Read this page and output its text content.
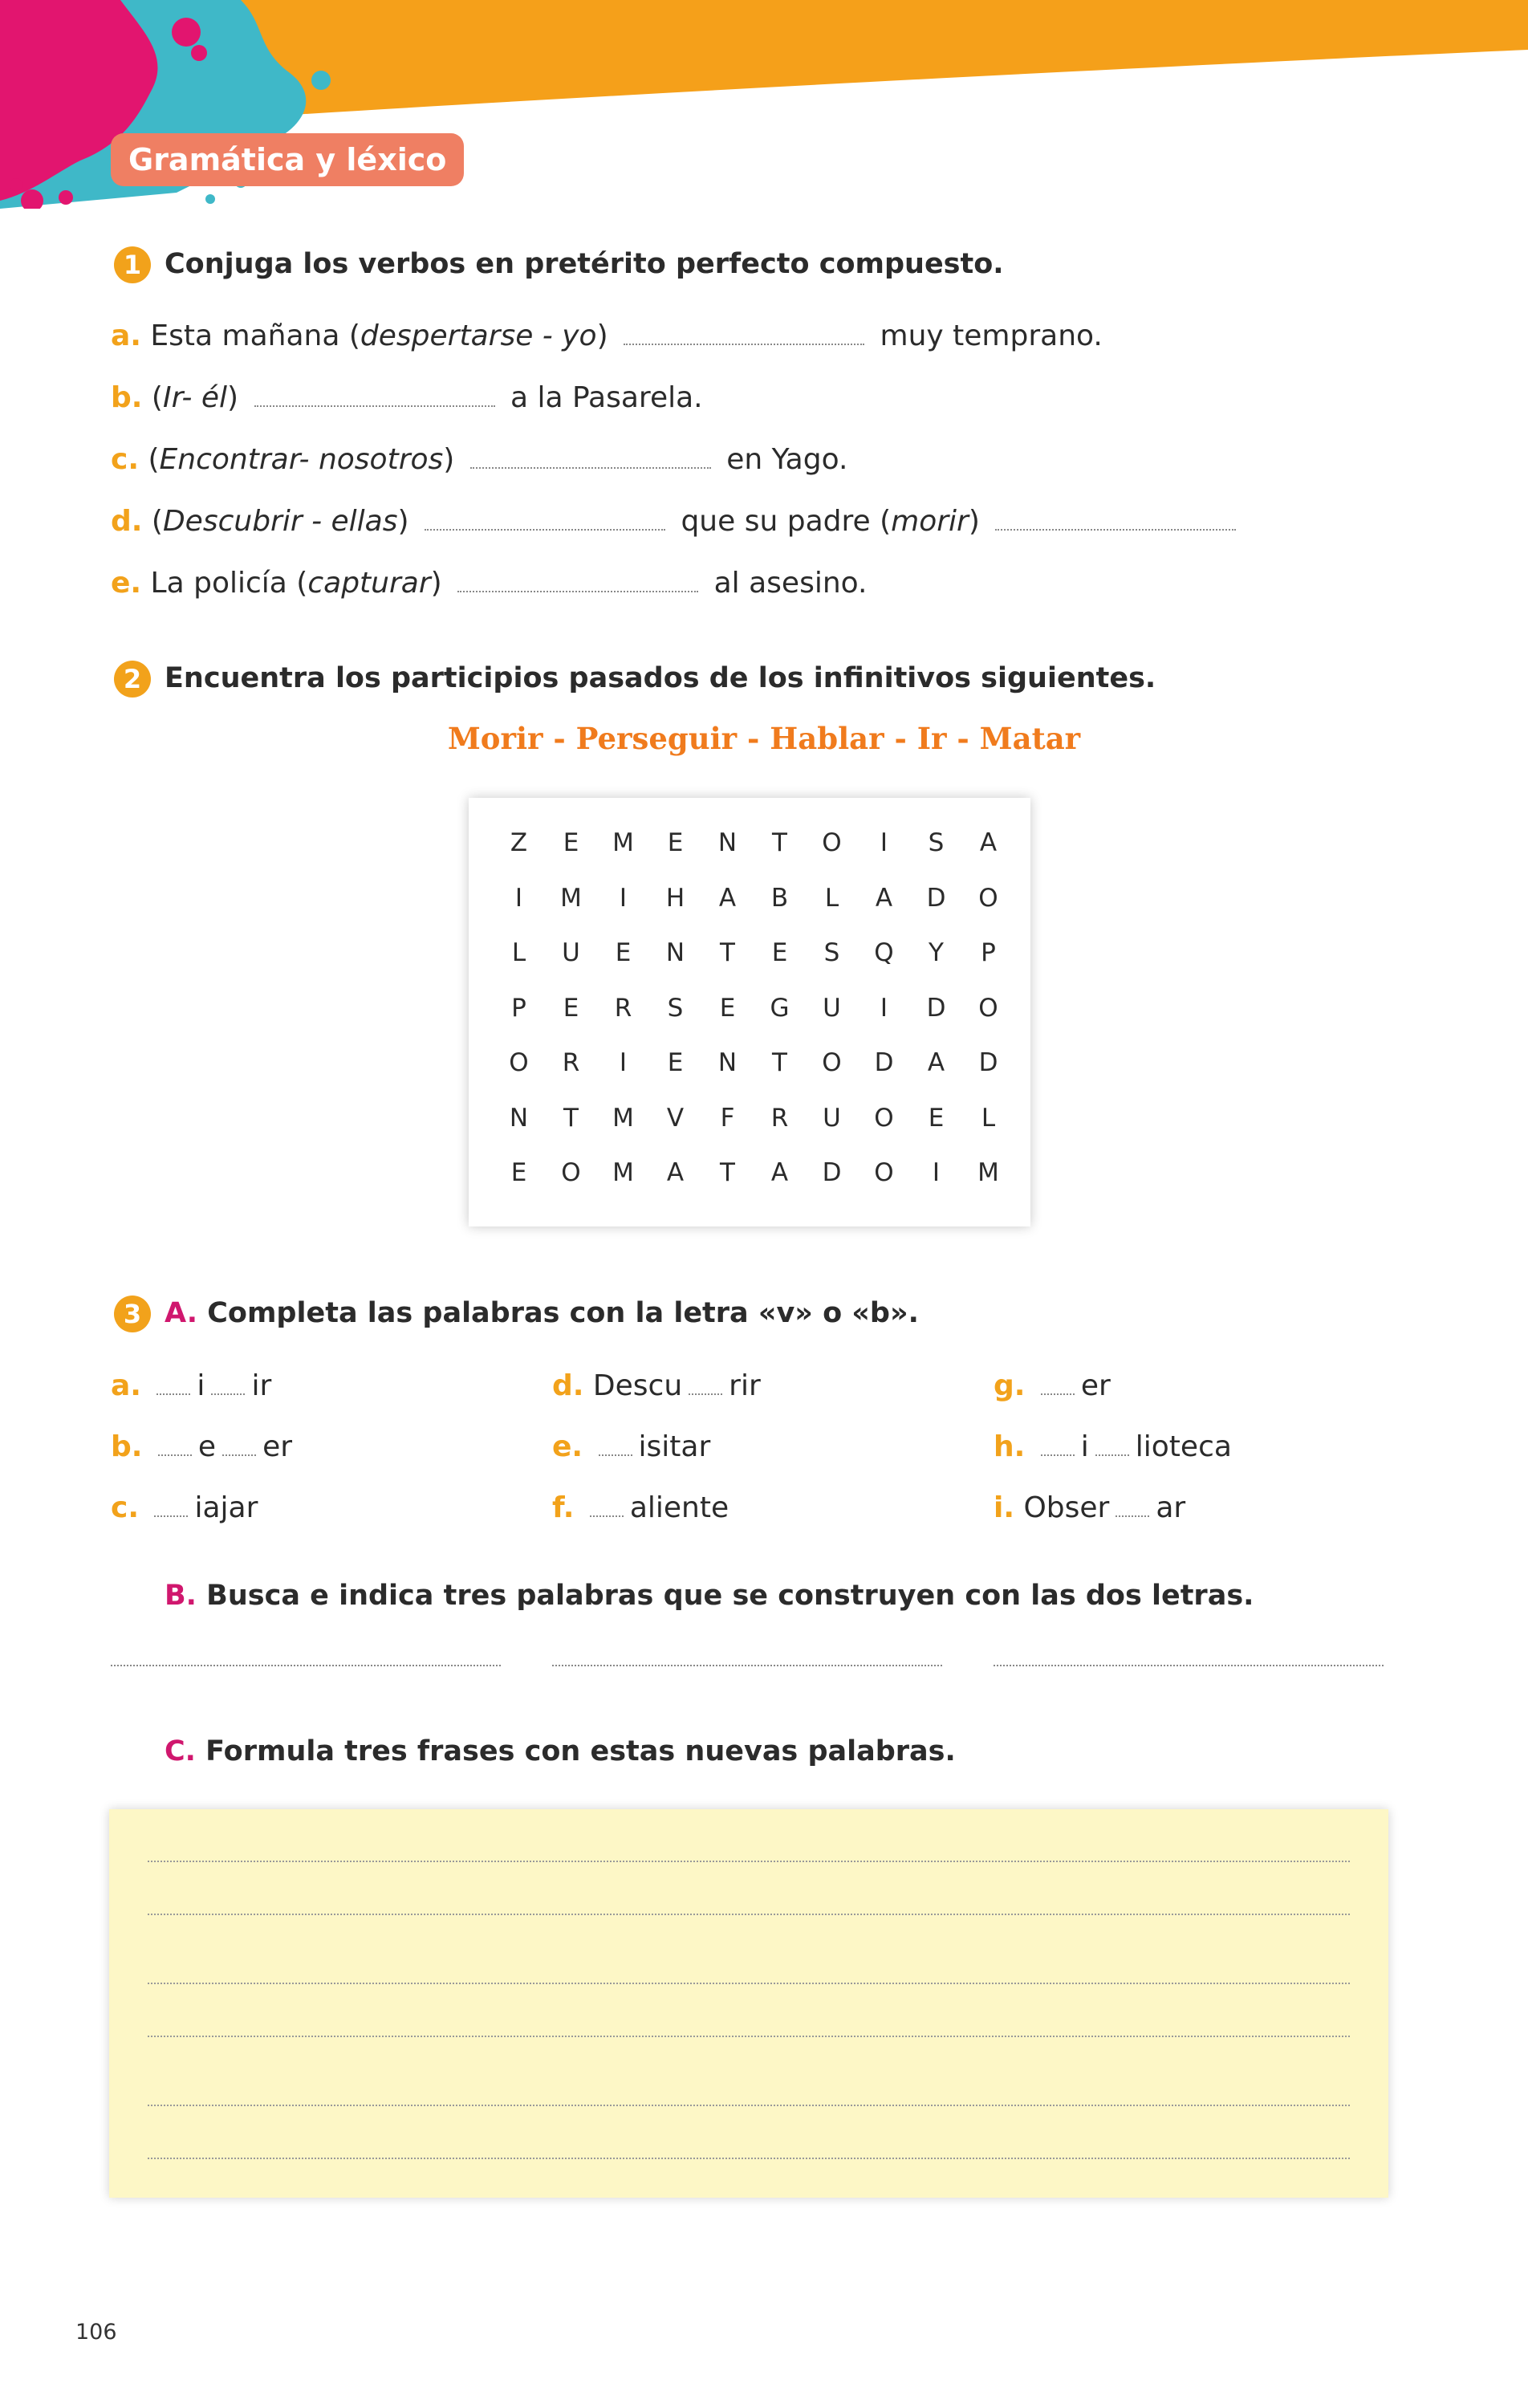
Gramática y léxico
1 Conjuga los verbos en pretérito perfecto compuesto.
a. Esta mañana (despertarse - yo)	muy temprano.
b. (Ir- él)	a la Pasarela.
c. (Encontrar- nosotros)	en Yago.
d. (Descubrir - ellas)	que su padre (morir)
e. La policía (capturar)	al asesino.
2 Encuentra los participios pasados de los infinitivos siguientes.
Morir - Perseguir - Hablar - Ir - Matar
Z	E	M	E	N	T	O	I	S	A
I	M	I	H	A	B	L	A	D	O
L	U	E	N	T	E	S	Q	Y	P
P	E	R	S	E	G	U	I	D	O
O	R	I	E	N	T	O	D	A	D
N	T	M	V	F	R	U	O	E	L
E	O	M	A	T	A	D	O	I	M
3 A. Completa las palabras con la letra «v» o «b».
a. i ir
b. e er
c. iajar
d. Descu rir
e. isitar
f. aliente
g. er
h. i lioteca
i. Obser ar
B. Busca e indica tres palabras que se construyen con las dos letras.
C. Formula tres frases con estas nuevas palabras.
106
